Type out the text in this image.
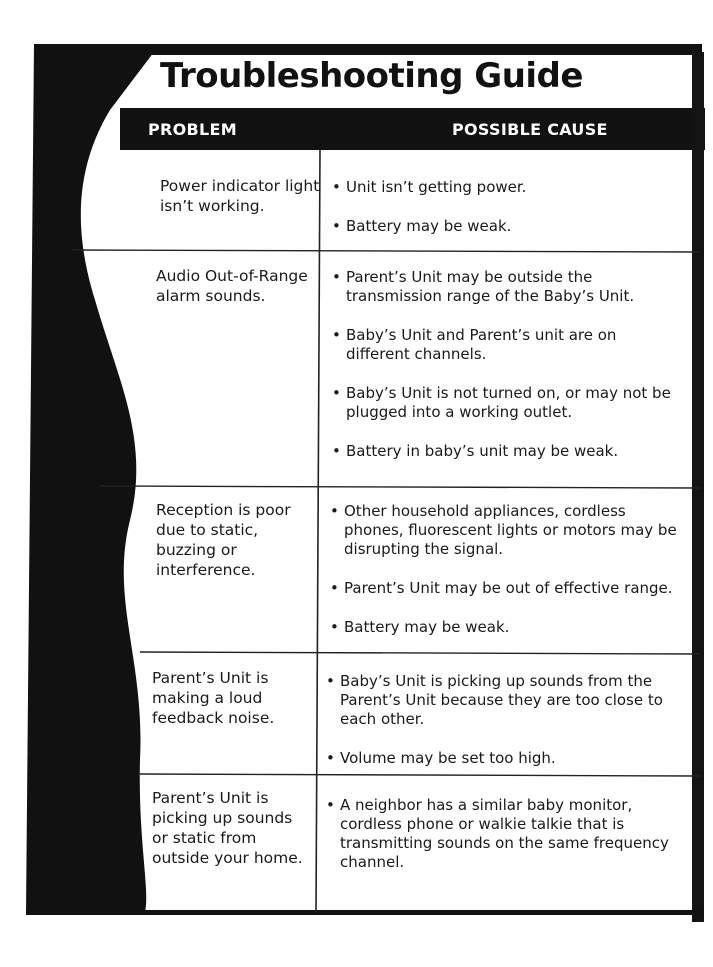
Troubleshooting Guide
PROBLEM	POSSIBLE CAUSE
Power indicator light isn’t working.
• Unit isn’t getting power.
• Battery may be weak.
Audio Out-of-Range alarm sounds.
• Parent’s Unit may be outside the transmission range of the Baby’s Unit.
• Baby’s Unit and Parent’s unit are on different channels.
• Baby’s Unit is not turned on, or may not be plugged into a working outlet.
• Battery in baby’s unit may be weak.
Reception is poor due to static, buzzing or interference.
• Other household appliances, cordless phones, fluorescent lights or motors may be disrupting the signal.
• Parent’s Unit may be out of effective range.
• Battery may be weak.
Parent’s Unit is making a loud feedback noise.
• Baby’s Unit is picking up sounds from the Parent’s Unit because they are too close to each other.
• Volume may be set too high.
Parent’s Unit is picking up sounds or static from outside your home.
• A neighbor has a similar baby monitor, cordless phone or walkie talkie that is transmitting sounds on the same frequency channel.
